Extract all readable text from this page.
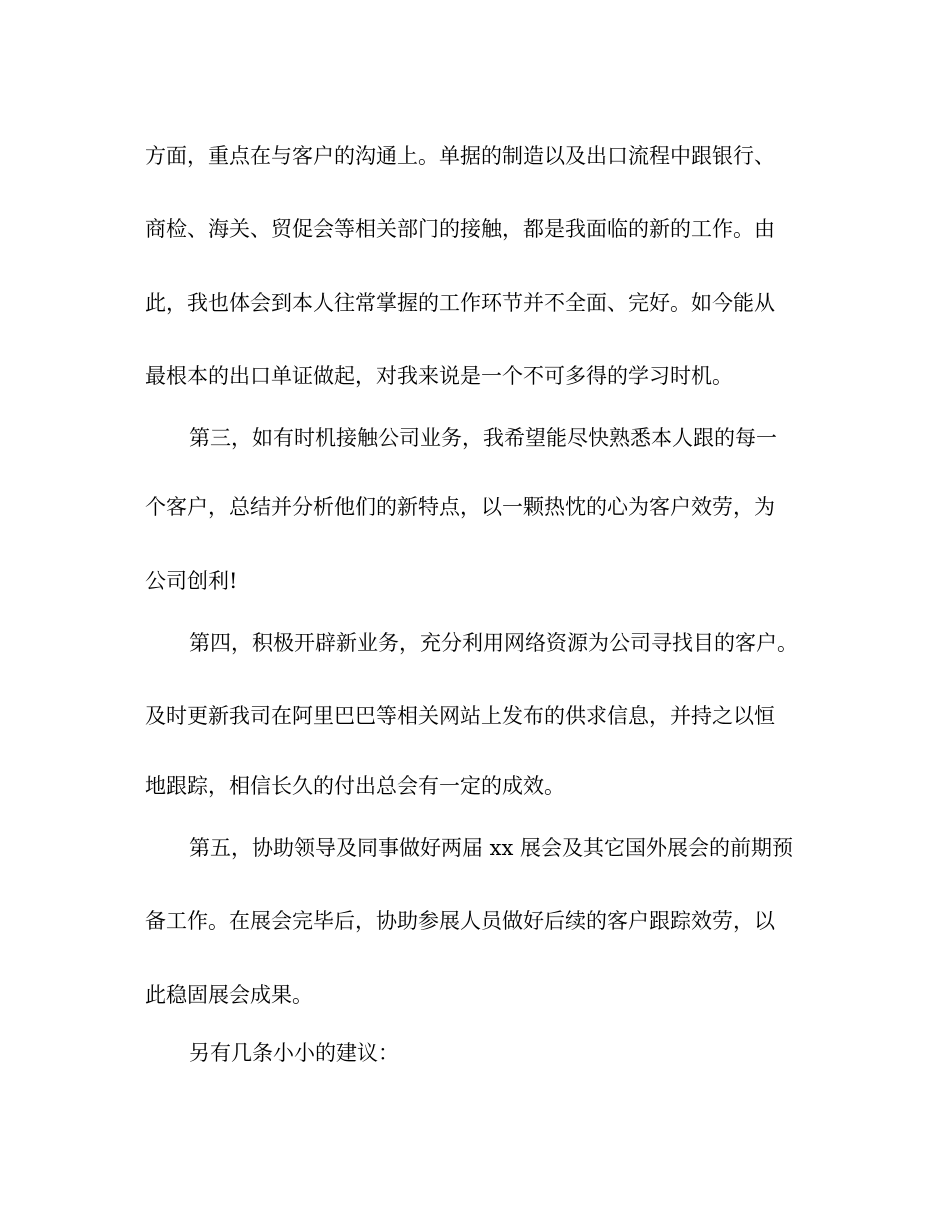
方面，重点在与客户的沟通上。单据的制造以及出口流程中跟银行、
商检、海关、贸促会等相关部门的接触，都是我面临的新的工作。由
此，我也体会到本人往常掌握的工作环节并不全面、完好。如今能从
最根本的出口单证做起，对我来说是一个不可多得的学习时机。
第三，如有时机接触公司业务，我希望能尽快熟悉本人跟的每一
个客户，总结并分析他们的新特点，以一颗热忱的心为客户效劳，为
公司创利!
第四，积极开辟新业务，充分利用网络资源为公司寻找目的客户。
及时更新我司在阿里巴巴等相关网站上发布的供求信息，并持之以恒
地跟踪，相信长久的付出总会有一定的成效。
第五，协助领导及同事做好两届 xx 展会及其它国外展会的前期预
备工作。在展会完毕后，协助参展人员做好后续的客户跟踪效劳，以
此稳固展会成果。
另有几条小小的建议：
